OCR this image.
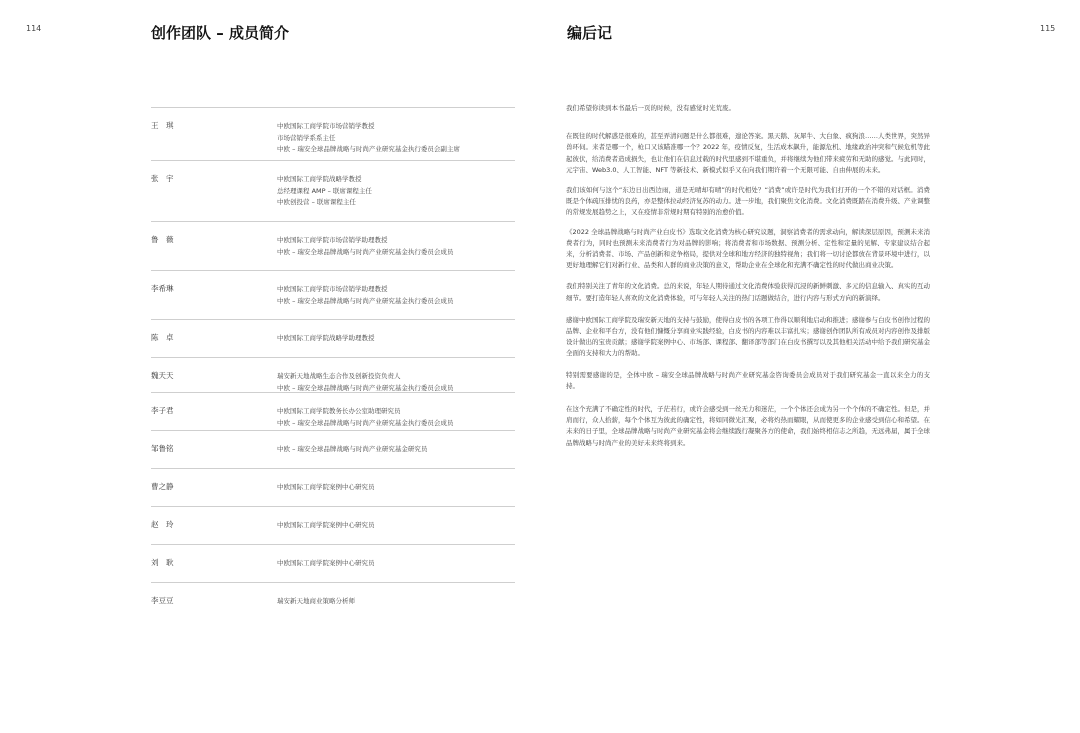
114	创作团队 – 成员简介
王　琪	中欧国际工商学院市场营销学教授
市场营销学系系主任
中欧 – 瑞安全球品牌战略与时尚产业研究基金执行委员会副主席
张　宇	中欧国际工商学院战略学教授
总经理课程 AMP – 联席课程主任
中欧创投营 – 联席课程主任
鲁　薇	中欧国际工商学院市场营销学助理教授
中欧 – 瑞安全球品牌战略与时尚产业研究基金执行委员会成员
李希琳	中欧国际工商学院市场营销学助理教授
中欧 – 瑞安全球品牌战略与时尚产业研究基金执行委员会成员
陈　卓	中欧国际工商学院战略学助理教授
魏天天	瑞安新天地战略生态合作及创新投资负责人
中欧 – 瑞安全球品牌战略与时尚产业研究基金执行委员会成员
李子君	中欧国际工商学院教务长办公室助理研究员
中欧 – 瑞安全球品牌战略与时尚产业研究基金执行委员会成员
邹鲁铭	中欧 – 瑞安全球品牌战略与时尚产业研究基金研究员
曹之静	中欧国际工商学院案例中心研究员
赵　玲	中欧国际工商学院案例中心研究员
刘　耿	中欧国际工商学院案例中心研究员
李豆豆	瑞安新天地商业策略分析师
115
编后记

我们希望你读到本书最后一页的时候，没有感觉时光荒废。

在既往的时代解惑是很难的，甚至弄清问题是什么都很难，遑论答案。黑天鹅、灰犀牛、大白象、疯狗浪……人类世界，突然异兽环伺。来者是哪一个，枪口又该瞄准哪一个？2022 年，疫情反复，生活成本飙升，能源危机、地缘政治冲突和气候危机等此起彼伏，给消费者造成损失，也让他们在信息过载的时代里感到不堪重负，并将继续为他们带来疲劳和无助的感觉。与此同时，元宇宙、Web3.0、人工智能、NFT 等新技术、新模式似乎又在向我们期许着一个无限可能、自由伸展的未来。

我们该如何与这个“东边日出西边雨，道是无晴却有晴”的时代相处？“消费”或许是时代为我们打开的一个不错的对话框。消费既是个体疏压排忧的良药，亦是整体拉动经济复苏的动力。进一步地，我们聚焦文化消费。文化消费既踏在消费升级、产业调整的常规发展趋势之上，又在疫情非常规时期有特别的治愈价值。

《2022 全球品牌战略与时尚产业白皮书》选取文化消费为核心研究议题，洞察消费者的需求动向，解读深层原因，预测未来消费者行为，同时也预测未来消费者行为对品牌的影响；将消费者和市场数据、预测分析、定性和定量的见解、专家建议结合起来，分析消费者、市场、产品创新和竞争格局，提供对全球和地方经济的独特视角；我们将一切讨论都放在背景环境中进行，以更好地理解它们对新行业、品类和人群的商业决策的意义，帮助企业在全球化和充满不确定性的时代做出商业决策。

我们特别关注了青年的文化消费。总的来说，年轻人期待通过文化消费体验获得沉浸的新鲜刺激、多元的信息输入、真实的互动细节。要打造年轻人喜欢的文化消费体验，可与年轻人关注的热门话题做结合，进行内容与形式方向的新演绎。

感谢中欧国际工商学院及瑞安新天地的支持与鼓励，使得白皮书的各项工作得以顺利地启动和推进；感谢参与白皮书创作过程的品牌、企业和平台方，没有他们慷慨分享商业实践经验，白皮书的内容难以丰富扎实；感谢创作团队所有成员对内容创作及排版设计做出的宝贵贡献；感谢学院案例中心、市场部、课程部、翻译部等部门在白皮书撰写以及其他相关活动中给予我们研究基金全面的支持和大力的帮助。

特别需要感谢的是，全体中欧 – 瑞安全球品牌战略与时尚产业研究基金咨询委员会成员对于我们研究基金一直以来全力的支持。

在这个充满了不确定性的时代，子茫若行，或许会感受到一丝无力和迷茫，一个个体还会成为另一个个体的不确定性。但是，并肩而行，众人拾薪，每个个体互为彼此的确定性，将如同微光汇聚，必将灼热而耀眼，从而使更多的企业感受到信心和希望。在未来的日子里，全球品牌战略与时尚产业研究基金将会继续践行凝聚各方的使命，我们始终相信志之所趋，无远弗届，属于全球品牌战略与时尚产业的美好未来终将到来。
